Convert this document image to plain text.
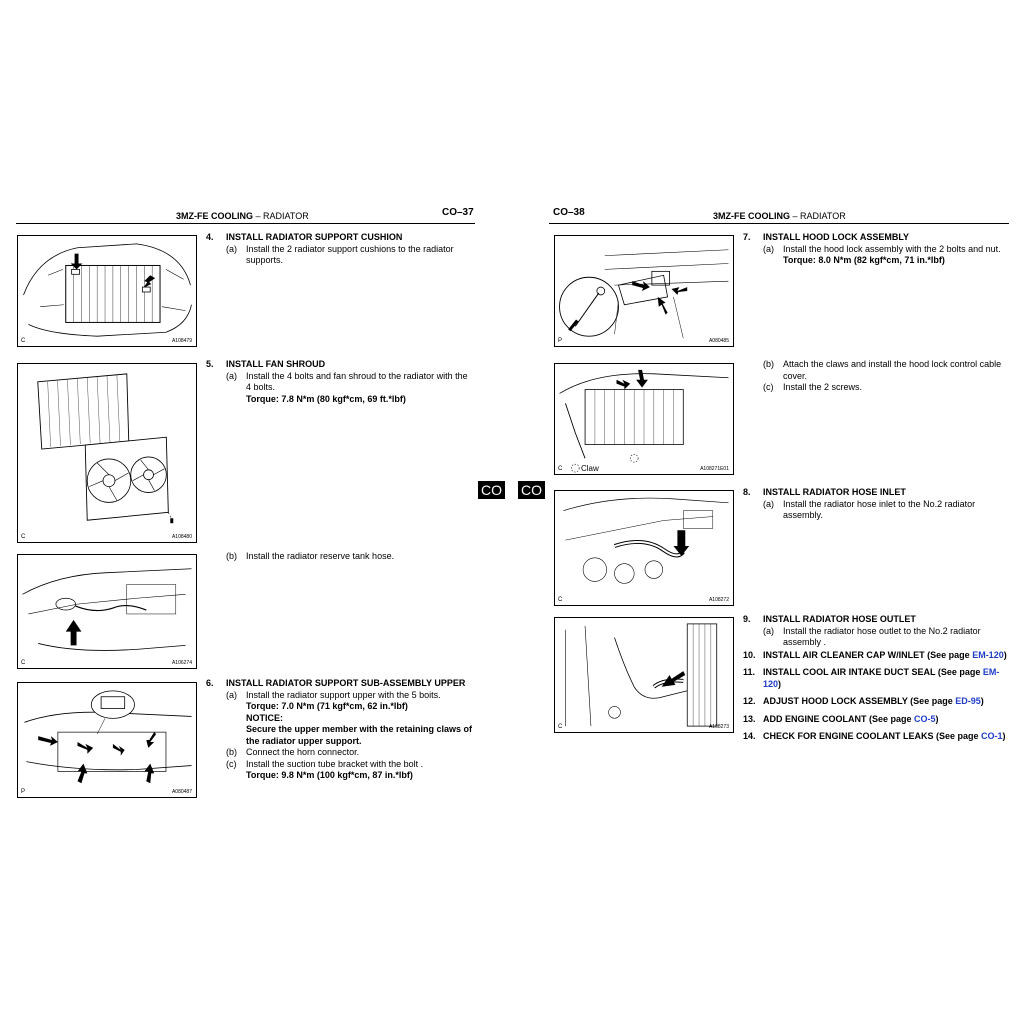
3MZ-FE COOLING – RADIATOR	CO–37	CO–38	3MZ-FE COOLING – RADIATOR
CO CO
C	A108479
C	A108480
C	A106274
P	A080487
4.	INSTALL RADIATOR SUPPORT CUSHION
(a)	Install the 2 radiator support cushions to the radiator supports.
5.	INSTALL FAN SHROUD
(a)	Install the 4 bolts and fan shroud to the radiator with the 4 bolts.
Torque: 7.8 N*m (80 kgf*cm, 69 ft.*lbf)
(b)	Install the radiator reserve tank hose.
6.	INSTALL RADIATOR SUPPORT SUB-ASSEMBLY UPPER
(a)	Install the radiator support upper with the 5 boits.
Torque: 7.0 N*m (71 kgf*cm, 62 in.*lbf)
NOTICE:
Secure the upper member with the retaining claws of the radiator upper support.
(b)	Connect the horn connector.
(c)	Install the suction tube bracket with the bolt .
Torque: 9.8 N*m (100 kgf*cm, 87 in.*lbf)
P	A080485
C Claw	A108271E01
C	A108272
C	A108273
7.	INSTALL HOOD LOCK ASSEMBLY
(a)	Install the hood lock assembly with the 2 bolts and nut.
Torque: 8.0 N*m (82 kgf*cm, 71 in.*lbf)
(b)	Attach the claws and install the hood lock control cable cover.
(c)	Install the 2 screws.
8.	INSTALL RADIATOR HOSE INLET
(a)	Install the radiator hose inlet to the No.2 radiator assembly.
9.	INSTALL RADIATOR HOSE OUTLET
(a)	Install the radiator hose outlet to the No.2 radiator assembly .
10. INSTALL AIR CLEANER CAP W/INLET (See page EM-120)
11. INSTALL COOL AIR INTAKE DUCT SEAL (See page EM-120)
12. ADJUST HOOD LOCK ASSEMBLY (See page ED-95)
13. ADD ENGINE COOLANT (See page CO-5)
14. CHECK FOR ENGINE COOLANT LEAKS (See page CO-1)
